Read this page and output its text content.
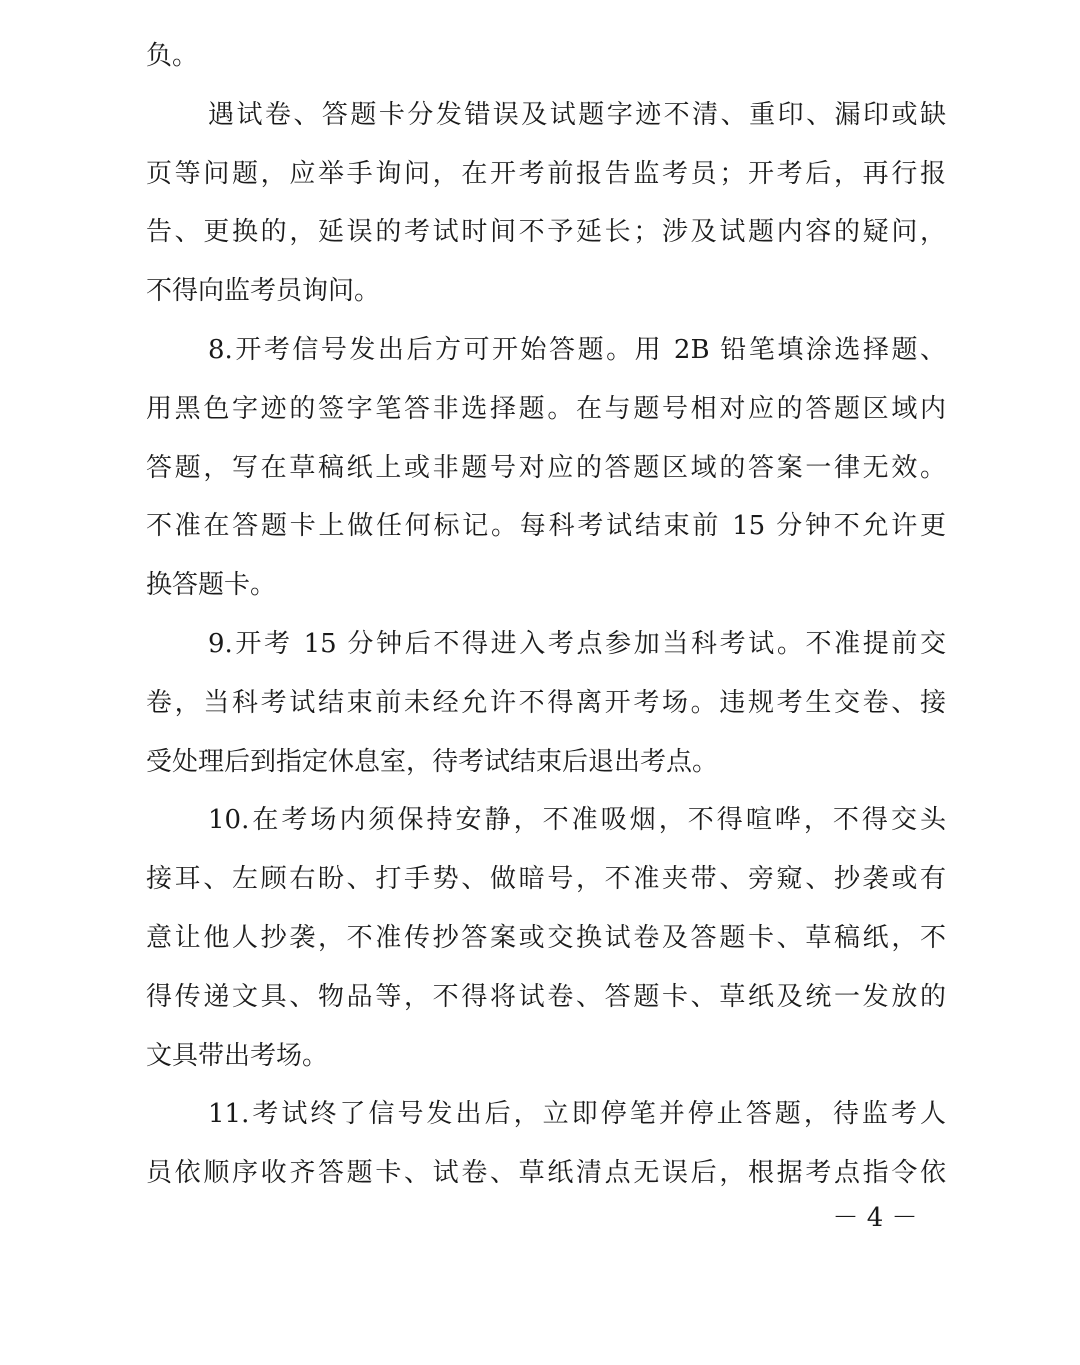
负。
遇试卷、答题卡分发错误及试题字迹不清、重印、漏印或缺
页等问题，应举手询问，在开考前报告监考员；开考后，再行报
告、更换的，延误的考试时间不予延长；涉及试题内容的疑问，
不得向监考员询问。
8.开考信号发出后方可开始答题。用 2B 铅笔填涂选择题、
用黑色字迹的签字笔答非选择题。在与题号相对应的答题区域内
答题，写在草稿纸上或非题号对应的答题区域的答案一律无效。
不准在答题卡上做任何标记。每科考试结束前 15 分钟不允许更
换答题卡。
9.开考 15 分钟后不得进入考点参加当科考试。不准提前交
卷，当科考试结束前未经允许不得离开考场。违规考生交卷、接
受处理后到指定休息室，待考试结束后退出考点。
10.在考场内须保持安静，不准吸烟，不得喧哗，不得交头
接耳、左顾右盼、打手势、做暗号，不准夹带、旁窥、抄袭或有
意让他人抄袭，不准传抄答案或交换试卷及答题卡、草稿纸，不
得传递文具、物品等，不得将试卷、答题卡、草纸及统一发放的
文具带出考场。
11.考试终了信号发出后，立即停笔并停止答题，待监考人
员依顺序收齐答题卡、试卷、草纸清点无误后，根据考点指令依
－ 4 －
